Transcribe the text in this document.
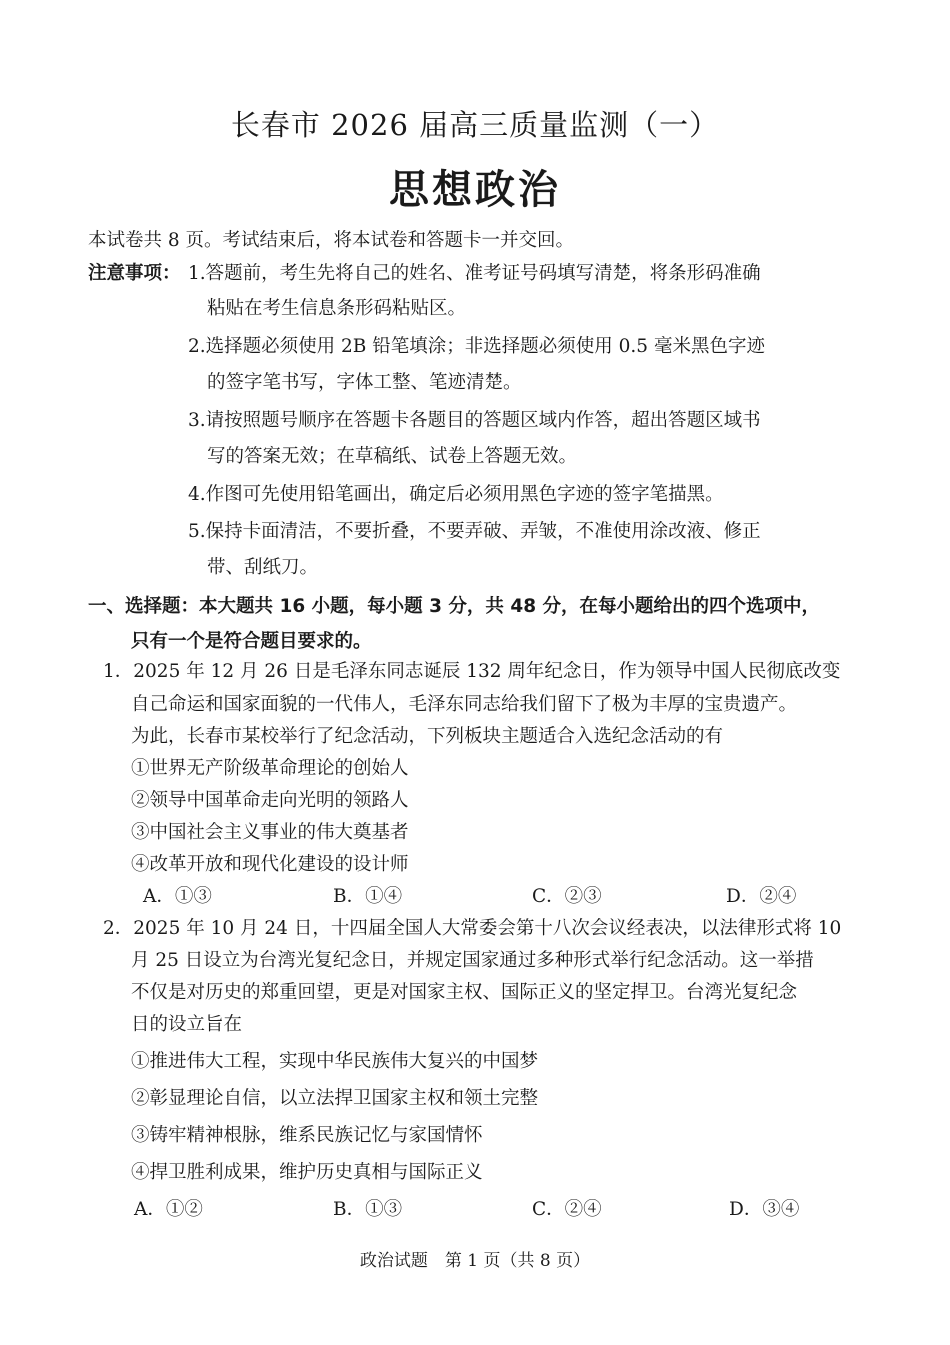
长春市 2026 届高三质量监测（一）
思想政治
本试卷共 8 页。考试结束后，将本试卷和答题卡一并交回。
注意事项： 1.答题前，考生先将自己的姓名、准考证号码填写清楚，将条形码准确
粘贴在考生信息条形码粘贴区。
2.选择题必须使用 2B 铅笔填涂；非选择题必须使用 0.5 毫米黑色字迹
的签字笔书写，字体工整、笔迹清楚。
3.请按照题号顺序在答题卡各题目的答题区域内作答，超出答题区域书
写的答案无效；在草稿纸、试卷上答题无效。
4.作图可先使用铅笔画出，确定后必须用黑色字迹的签字笔描黑。
5.保持卡面清洁，不要折叠，不要弄破、弄皱，不准使用涂改液、修正
带、刮纸刀。
一、选择题：本大题共 16 小题，每小题 3 分，共 48 分，在每小题给出的四个选项中，
只有一个是符合题目要求的。
1．2025 年 12 月 26 日是毛泽东同志诞辰 132 周年纪念日，作为领导中国人民彻底改变
自己命运和国家面貌的一代伟人，毛泽东同志给我们留下了极为丰厚的宝贵遗产。
为此，长春市某校举行了纪念活动，下列板块主题适合入选纪念活动的有
①世界无产阶级革命理论的创始人
②领导中国革命走向光明的领路人
③中国社会主义事业的伟大奠基者
④改革开放和现代化建设的设计师
A．①③	B．①④	C．②③	D．②④
2．2025 年 10 月 24 日，十四届全国人大常委会第十八次会议经表决，以法律形式将 10
月 25 日设立为台湾光复纪念日，并规定国家通过多种形式举行纪念活动。这一举措
不仅是对历史的郑重回望，更是对国家主权、国际正义的坚定捍卫。台湾光复纪念
日的设立旨在
①推进伟大工程，实现中华民族伟大复兴的中国梦
②彰显理论自信，以立法捍卫国家主权和领土完整
③铸牢精神根脉，维系民族记忆与家国情怀
④捍卫胜利成果，维护历史真相与国际正义
A．①②	B．①③	C．②④	D．③④
政治试题　第 1 页（共 8 页）
